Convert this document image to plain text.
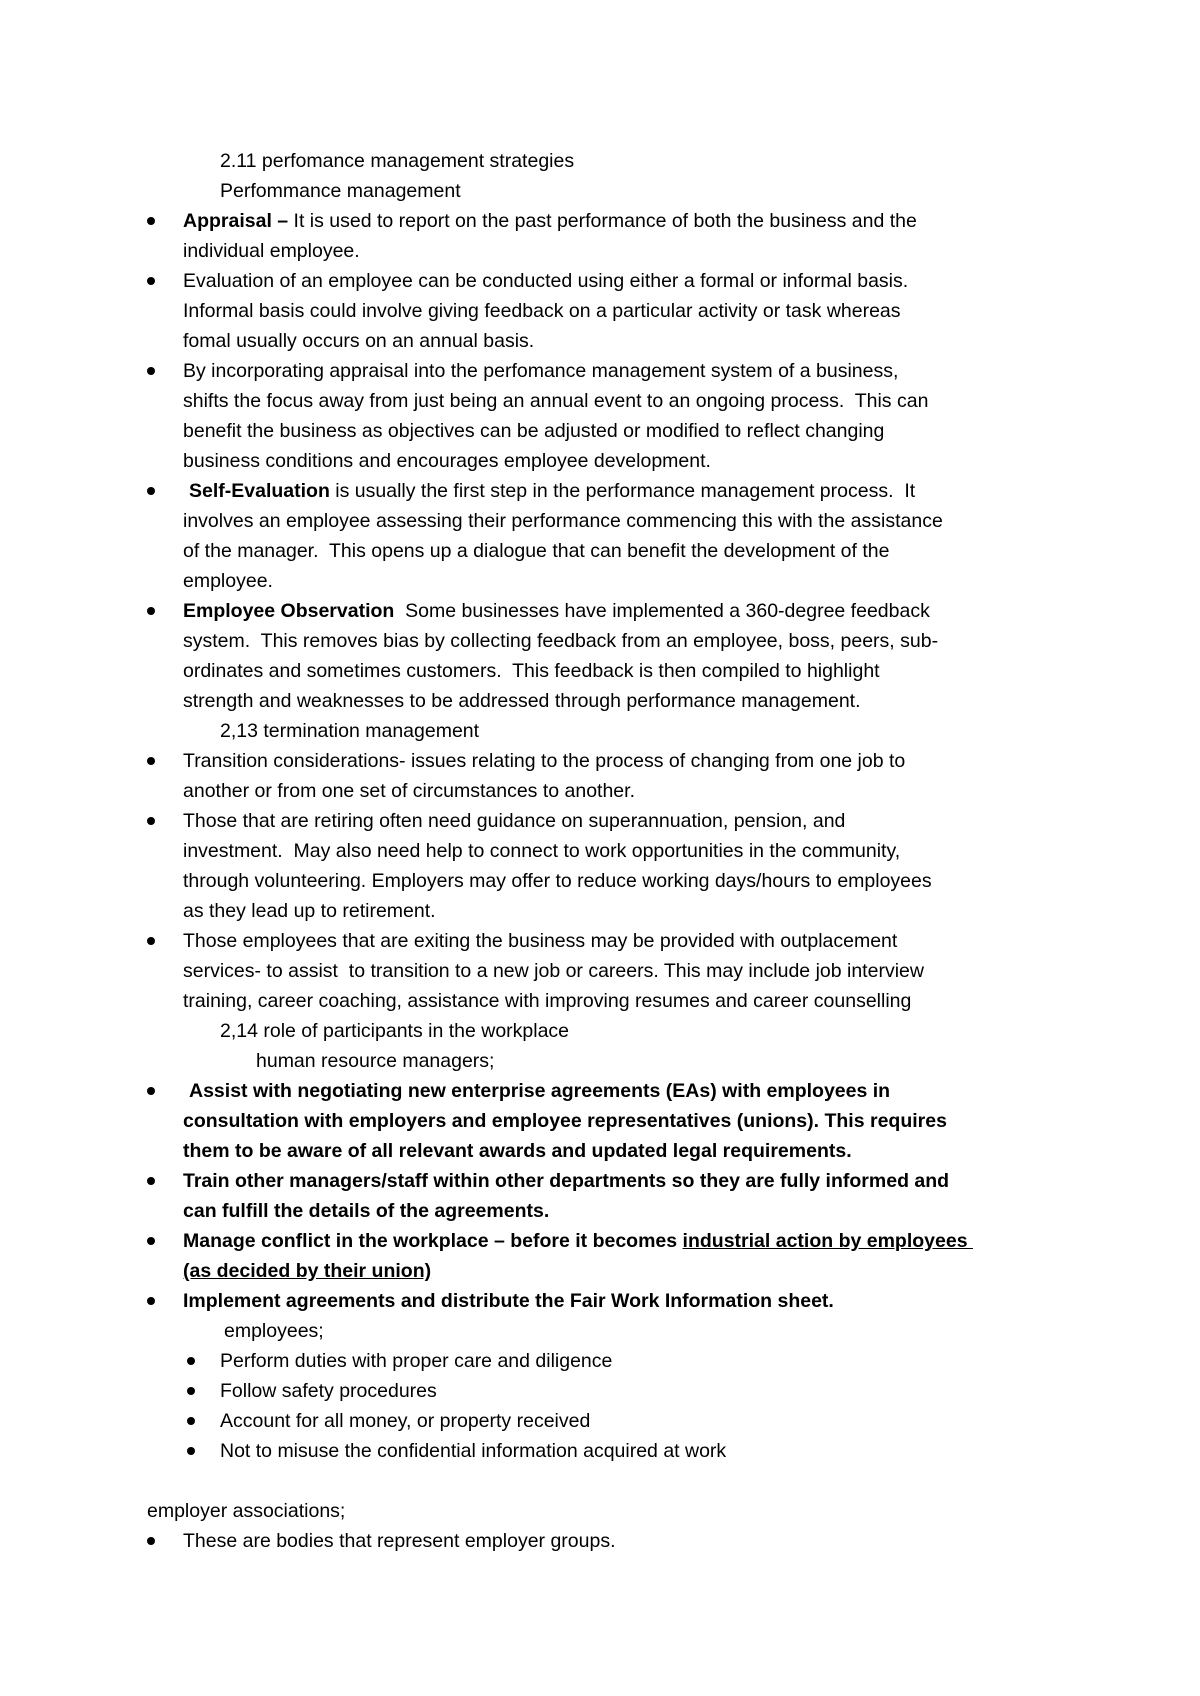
2.11 perfomance management strategies
Perfommance management
Appraisal – It is used to report on the past performance of both the business and the
individual employee.
Evaluation of an employee can be conducted using either a formal or informal basis.
Informal basis could involve giving feedback on a particular activity or task whereas
fomal usually occurs on an annual basis.
By incorporating appraisal into the perfomance management system of a business,
shifts the focus away from just being an annual event to an ongoing process.  This can
benefit the business as objectives can be adjusted or modified to reflect changing
business conditions and encourages employee development.
Self-Evaluation is usually the first step in the performance management process.  It
involves an employee assessing their performance commencing this with the assistance
of the manager.  This opens up a dialogue that can benefit the development of the
employee.
Employee Observation  Some businesses have implemented a 360-degree feedback
system.  This removes bias by collecting feedback from an employee, boss, peers, sub-
ordinates and sometimes customers.  This feedback is then compiled to highlight
strength and weaknesses to be addressed through performance management.
2,13 termination management
Transition considerations- issues relating to the process of changing from one job to
another or from one set of circumstances to another.
Those that are retiring often need guidance on superannuation, pension, and
investment.  May also need help to connect to work opportunities in the community,
through volunteering. Employers may offer to reduce working days/hours to employees
as they lead up to retirement.
Those employees that are exiting the business may be provided with outplacement
services- to assist  to transition to a new job or careers. This may include job interview
training, career coaching, assistance with improving resumes and career counselling
2,14 role of participants in the workplace
human resource managers;
Assist with negotiating new enterprise agreements (EAs) with employees in
consultation with employers and employee representatives (unions). This requires
them to be aware of all relevant awards and updated legal requirements.
Train other managers/staff within other departments so they are fully informed and
can fulfill the details of the agreements.
Manage conflict in the workplace – before it becomes industrial action by employees
(as decided by their union)
Implement agreements and distribute the Fair Work Information sheet.
employees;
Perform duties with proper care and diligence
Follow safety procedures
Account for all money, or property received
Not to misuse the confidential information acquired at work
employer associations;
These are bodies that represent employer groups.
